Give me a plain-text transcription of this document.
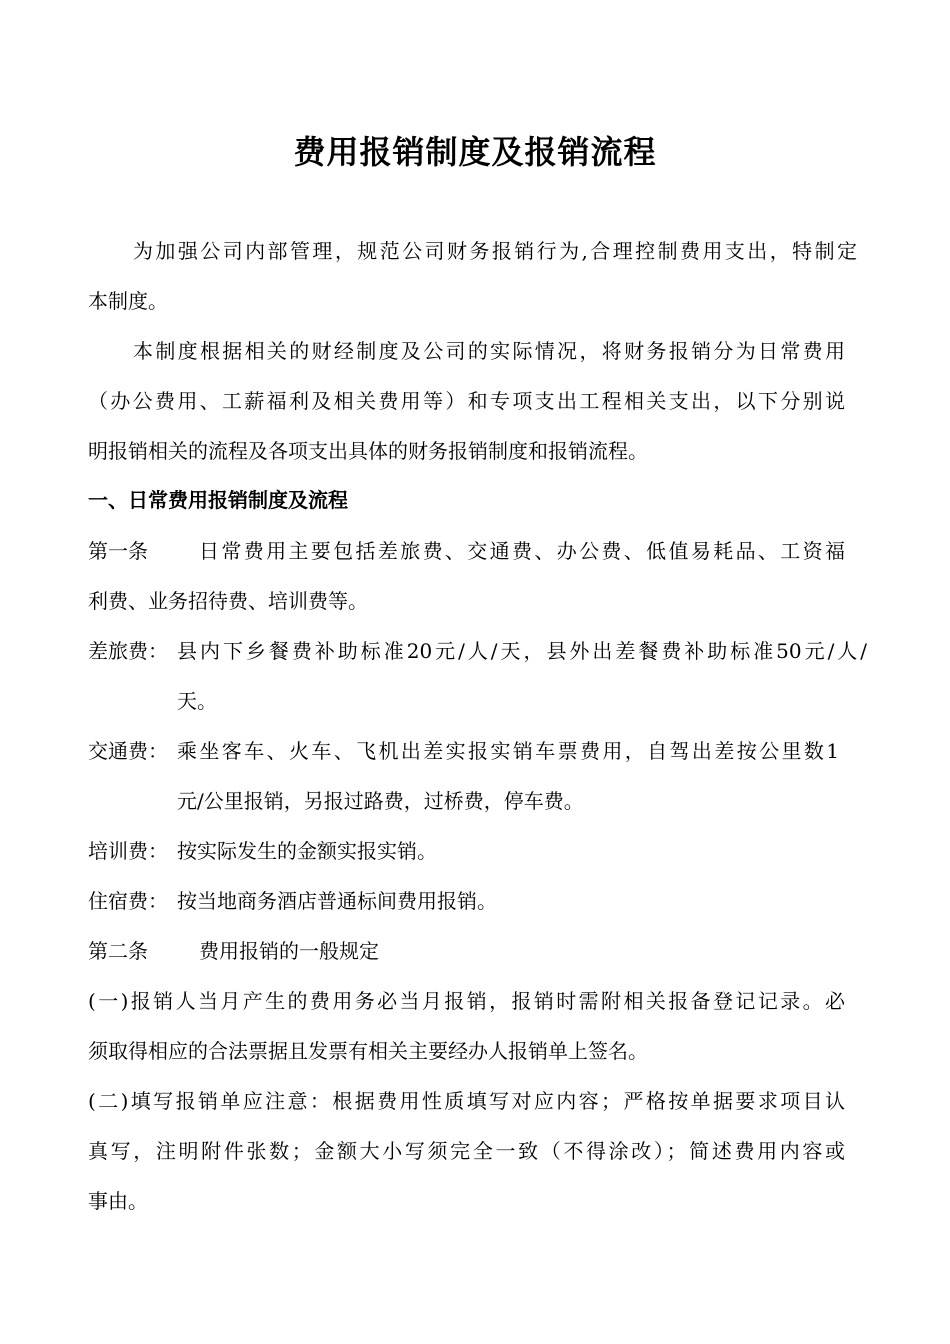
费用报销制度及报销流程
为加强公司内部管理，规范公司财务报销行为,合理控制费用支出，特制定
本制度。
本制度根据相关的财经制度及公司的实际情况，将财务报销分为日常费用
（办公费用、工薪福利及相关费用等）和专项支出工程相关支出，以下分别说
明报销相关的流程及各项支出具体的财务报销制度和报销流程。
一、日常费用报销制度及流程
第一条	日常费用主要包括差旅费、交通费、办公费、低值易耗品、工资福
利费、业务招待费、培训费等。
差旅费： 县内下乡餐费补助标准20元/人/天，县外出差餐费补助标准50元/人/
天。
交通费： 乘坐客车、火车、飞机出差实报实销车票费用，自驾出差按公里数1
元/公里报销，另报过路费，过桥费，停车费。
培训费： 按实际发生的金额实报实销。
住宿费： 按当地商务酒店普通标间费用报销。
第二条	费用报销的一般规定
(一)报销人当月产生的费用务必当月报销，报销时需附相关报备登记记录。必
须取得相应的合法票据且发票有相关主要经办人报销单上签名。
(二)填写报销单应注意：根据费用性质填写对应内容；严格按单据要求项目认
真写，注明附件张数；金额大小写须完全一致（不得涂改）；简述费用内容或
事由。
